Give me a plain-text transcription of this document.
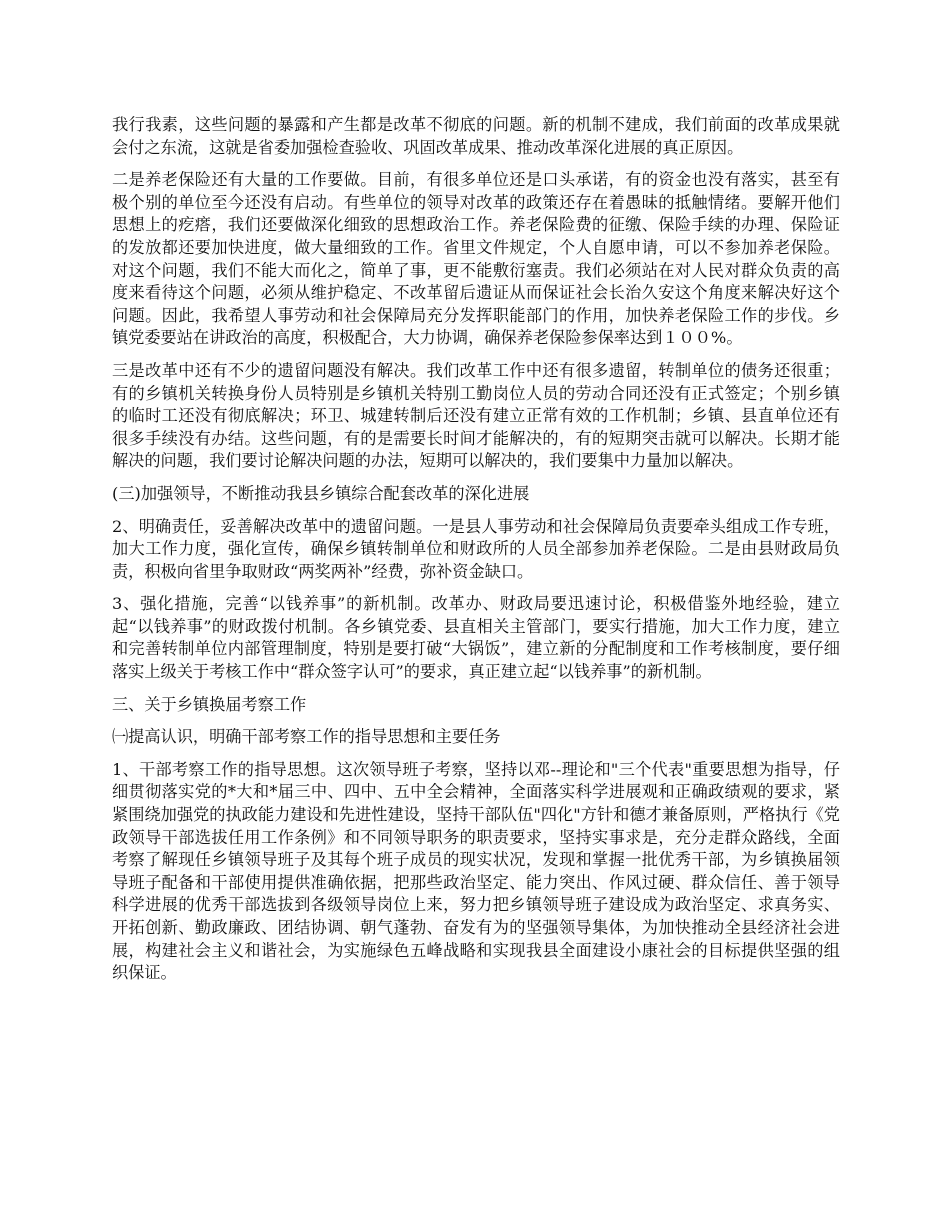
我行我素，这些问题的暴露和产生都是改革不彻底的问题。新的机制不建成，我们前面的改革成果就会付之东流，这就是省委加强检查验收、巩固改革成果、推动改革深化进展的真正原因。

二是养老保险还有大量的工作要做。目前，有很多单位还是口头承诺，有的资金也没有落实，甚至有极个别的单位至今还没有启动。有些单位的领导对改革的政策还存在着愚昧的抵触情绪。要解开他们思想上的疙瘩，我们还要做深化细致的思想政治工作。养老保险费的征缴、保险手续的办理、保险证的发放都还要加快进度，做大量细致的工作。省里文件规定，个人自愿申请，可以不参加养老保险。对这个问题，我们不能大而化之，简单了事，更不能敷衍塞责。我们必须站在对人民对群众负责的高度来看待这个问题，必须从维护稳定、不改革留后遗证从而保证社会长治久安这个角度来解决好这个问题。因此，我希望人事劳动和社会保障局充分发挥职能部门的作用，加快养老保险工作的步伐。乡镇党委要站在讲政治的高度，积极配合，大力协调，确保养老保险参保率达到１００%。

三是改革中还有不少的遗留问题没有解决。我们改革工作中还有很多遗留，转制单位的债务还很重；有的乡镇机关转换身份人员特别是乡镇机关特别工勤岗位人员的劳动合同还没有正式签定；个别乡镇的临时工还没有彻底解决；环卫、城建转制后还没有建立正常有效的工作机制；乡镇、县直单位还有很多手续没有办结。这些问题，有的是需要长时间才能解决的，有的短期突击就可以解决。长期才能解决的问题，我们要讨论解决问题的办法，短期可以解决的，我们要集中力量加以解决。

(三)加强领导，不断推动我县乡镇综合配套改革的深化进展

2、明确责任，妥善解决改革中的遗留问题。一是县人事劳动和社会保障局负责要牵头组成工作专班，加大工作力度，强化宣传，确保乡镇转制单位和财政所的人员全部参加养老保险。二是由县财政局负责，积极向省里争取财政“两奖两补”经费，弥补资金缺口。

3、强化措施，完善“以钱养事”的新机制。改革办、财政局要迅速讨论，积极借鉴外地经验，建立起“以钱养事”的财政拨付机制。各乡镇党委、县直相关主管部门，要实行措施，加大工作力度，建立和完善转制单位内部管理制度，特别是要打破“大锅饭”，建立新的分配制度和工作考核制度，要仔细落实上级关于考核工作中“群众签字认可”的要求，真正建立起“以钱养事”的新机制。

三、关于乡镇换届考察工作

㈠提高认识，明确干部考察工作的指导思想和主要任务

1、干部考察工作的指导思想。这次领导班子考察，坚持以邓--理论和"三个代表"重要思想为指导，仔细贯彻落实党的*大和*届三中、四中、五中全会精神，全面落实科学进展观和正确政绩观的要求，紧紧围绕加强党的执政能力建设和先进性建设，坚持干部队伍"四化"方针和德才兼备原则，严格执行《党政领导干部选拔任用工作条例》和不同领导职务的职责要求，坚持实事求是，充分走群众路线，全面考察了解现任乡镇领导班子及其每个班子成员的现实状况，发现和掌握一批优秀干部，为乡镇换届领导班子配备和干部使用提供准确依据，把那些政治坚定、能力突出、作风过硬、群众信任、善于领导科学进展的优秀干部选拔到各级领导岗位上来，努力把乡镇领导班子建设成为政治坚定、求真务实、开拓创新、勤政廉政、团结协调、朝气蓬勃、奋发有为的坚强领导集体，为加快推动全县经济社会进展，构建社会主义和谐社会，为实施绿色五峰战略和实现我县全面建设小康社会的目标提供坚强的组织保证。
